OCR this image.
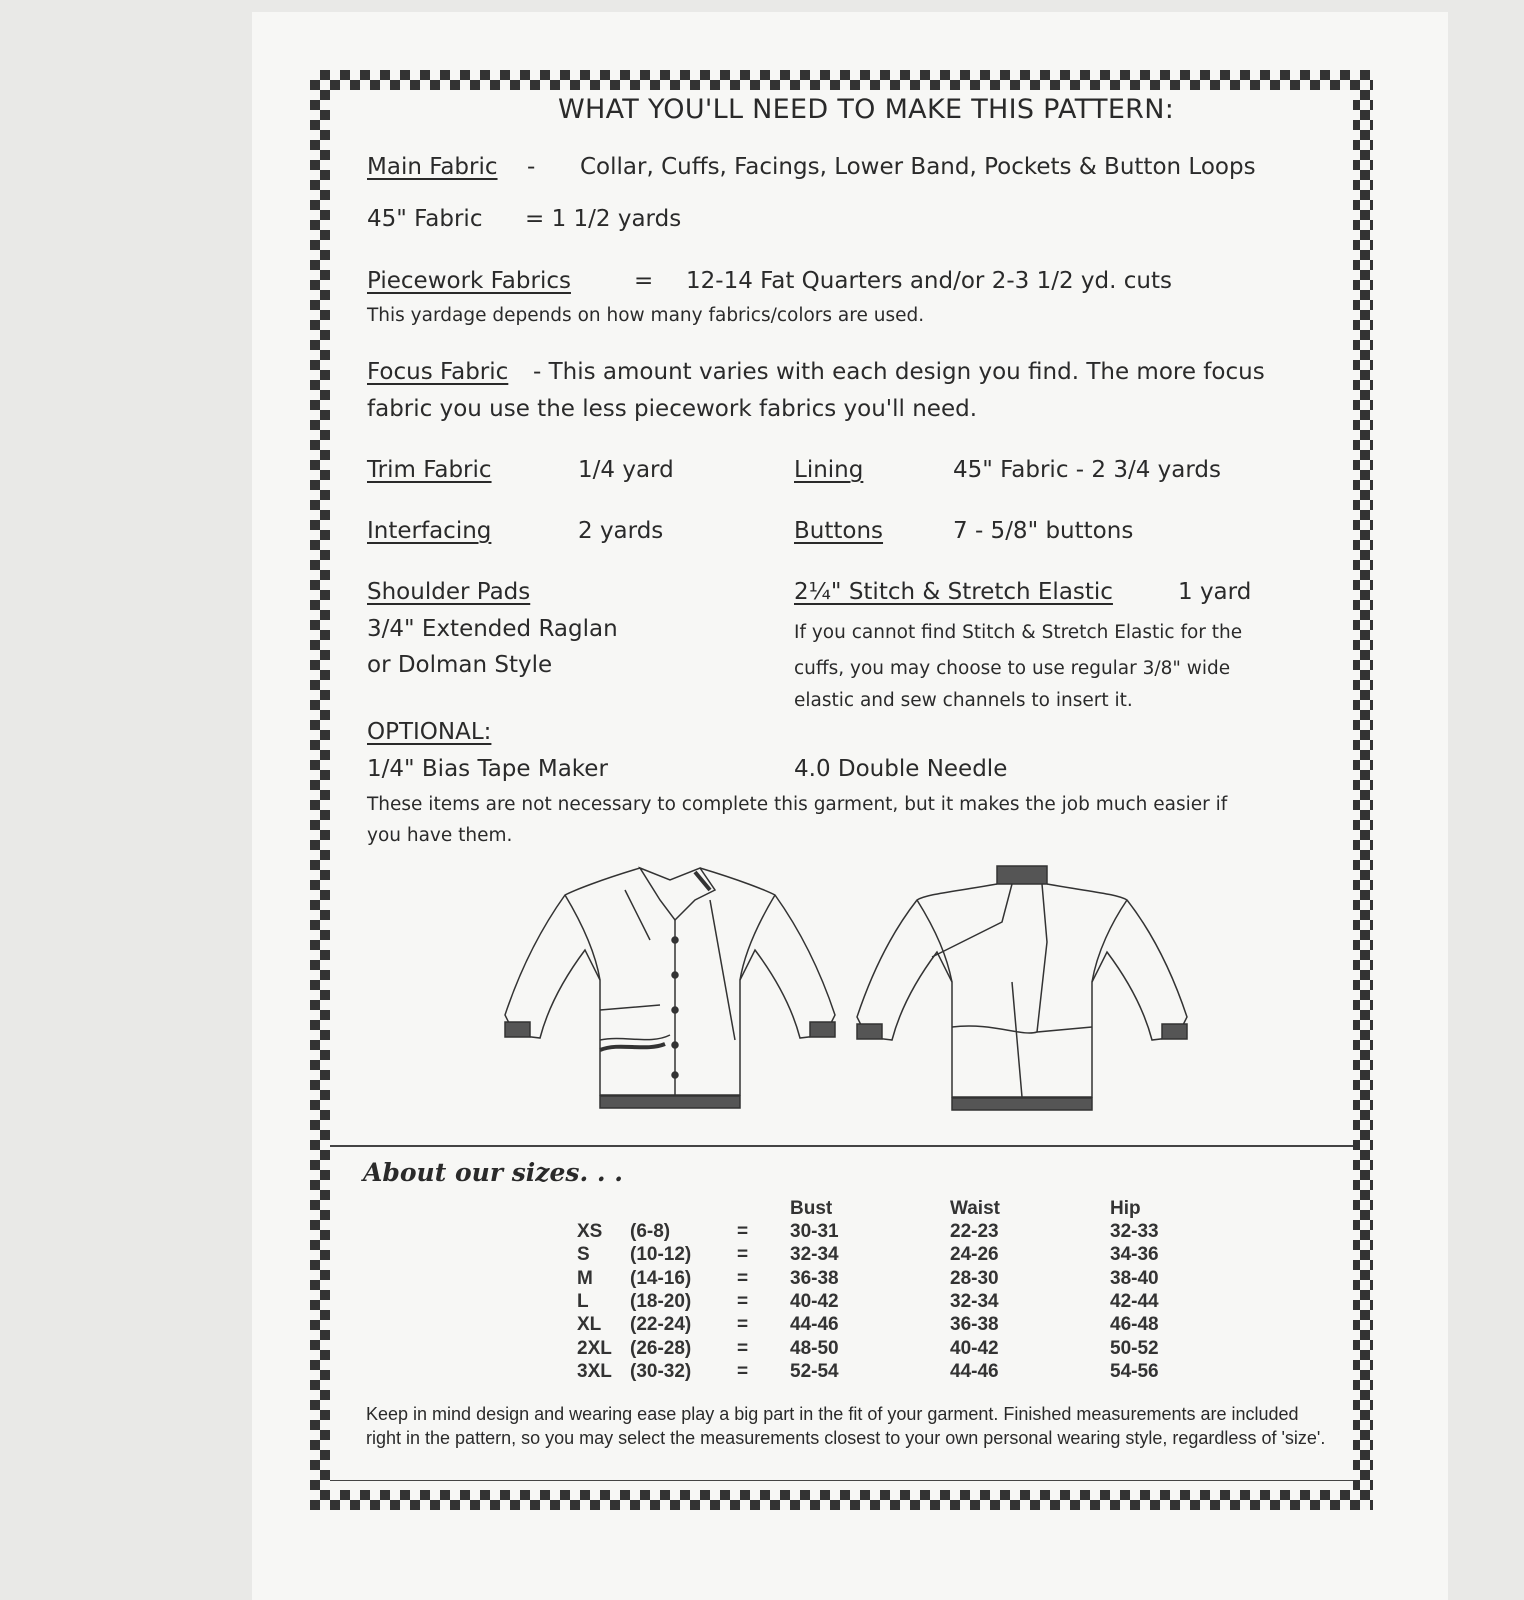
WHAT YOU'LL NEED TO MAKE THIS PATTERN:
Main Fabric - Collar, Cuffs, Facings, Lower Band, Pockets & Button Loops
45" Fabric = 1 1/2 yards
Piecework Fabrics	= 12-14 Fat Quarters and/or 2-3 1/2 yd. cuts
This yardage depends on how many fabrics/colors are used.
Focus Fabric - This amount varies with each design you find. The more focus
fabric you use the less piecework fabrics you'll need.
Trim Fabric	1/4 yard	Lining	45" Fabric - 2 3/4 yards
Interfacing	2 yards	Buttons	7 - 5/8" buttons
Shoulder Pads
3/4" Extended Raglan
or Dolman Style
2¼" Stitch & Stretch Elastic	1 yard
If you cannot find Stitch & Stretch Elastic for the
cuffs, you may choose to use regular 3/8" wide
elastic and sew channels to insert it.
OPTIONAL:
1/4" Bias Tape Maker	4.0 Double Needle
These items are not necessary to complete this garment, but it makes the job much easier if
you have them.
About our sizes. . .
Bust	Waist	Hip
XS (6-8)	= 30-31	22-23	32-33
S (10-12) = 32-34	24-26	34-36
M (14-16) = 36-38	28-30	38-40
L (18-20) = 40-42	32-34	42-44
XL (22-24) = 44-46	36-38	46-48
2XL (26-28) = 48-50	40-42	50-52
3XL (30-32) = 52-54	44-46	54-56
Keep in mind design and wearing ease play a big part in the fit of your garment. Finished measurements are included right in the pattern, so you may select the measurements closest to your own personal wearing style, regardless of 'size'.
